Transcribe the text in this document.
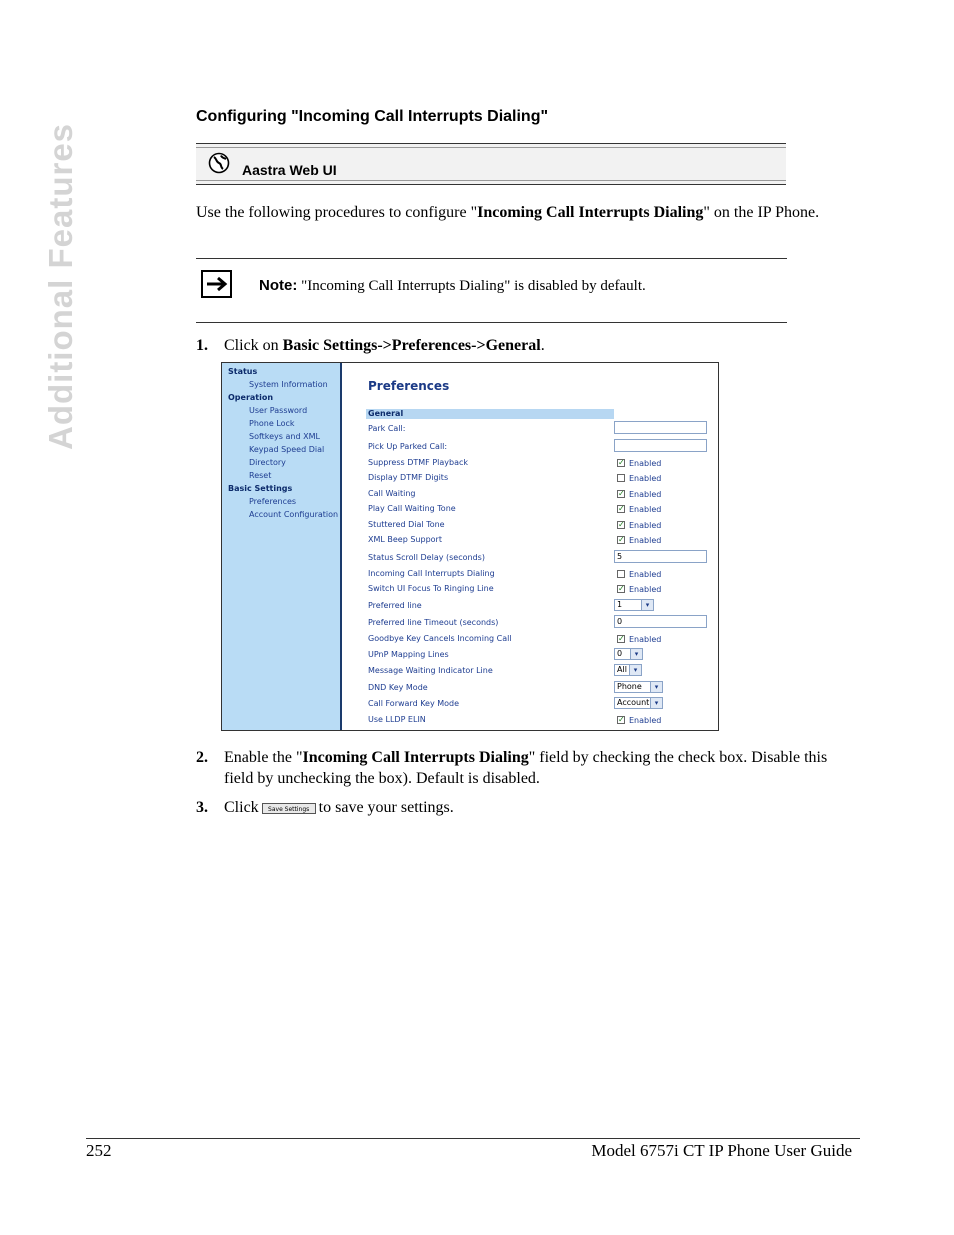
Additional Features
Configuring "Incoming Call Interrupts Dialing"
Aastra Web UI
Use the following procedures to configure "Incoming Call Interrupts Dialing" on the IP Phone.
Note: "Incoming Call Interrupts Dialing" is disabled by default.
1. Click on Basic Settings->Preferences->General.
Status
System Information
Operation
User Password
Phone Lock
Softkeys and XML
Keypad Speed Dial
Directory
Reset
Basic Settings
Preferences
Account Configuration
Preferences
General
Park Call:
Pick Up Parked Call:
Suppress DTMF Playback	✓ Enabled
Display DTMF Digits	Enabled
Call Waiting	✓ Enabled
Play Call Waiting Tone	✓ Enabled
Stuttered Dial Tone	✓ Enabled
XML Beep Support	✓ Enabled
Status Scroll Delay (seconds)	5
Incoming Call Interrupts Dialing	Enabled
Switch UI Focus To Ringing Line	✓ Enabled
Preferred line	1	▾
Preferred line Timeout (seconds)	0
Goodbye Key Cancels Incoming Call	✓ Enabled
UPnP Mapping Lines	0	▾
Message Waiting Indicator Line	All ▾
DND Key Mode	Phone	▾
Call Forward Key Mode	Account ▾
Use LLDP ELIN	✓ Enabled
2. Enable the "Incoming Call Interrupts Dialing" field by checking the check box. Disable this field by unchecking the box). Default is disabled.
3. Click Save Settings to save your settings.
252	Model 6757i CT IP Phone User Guide
